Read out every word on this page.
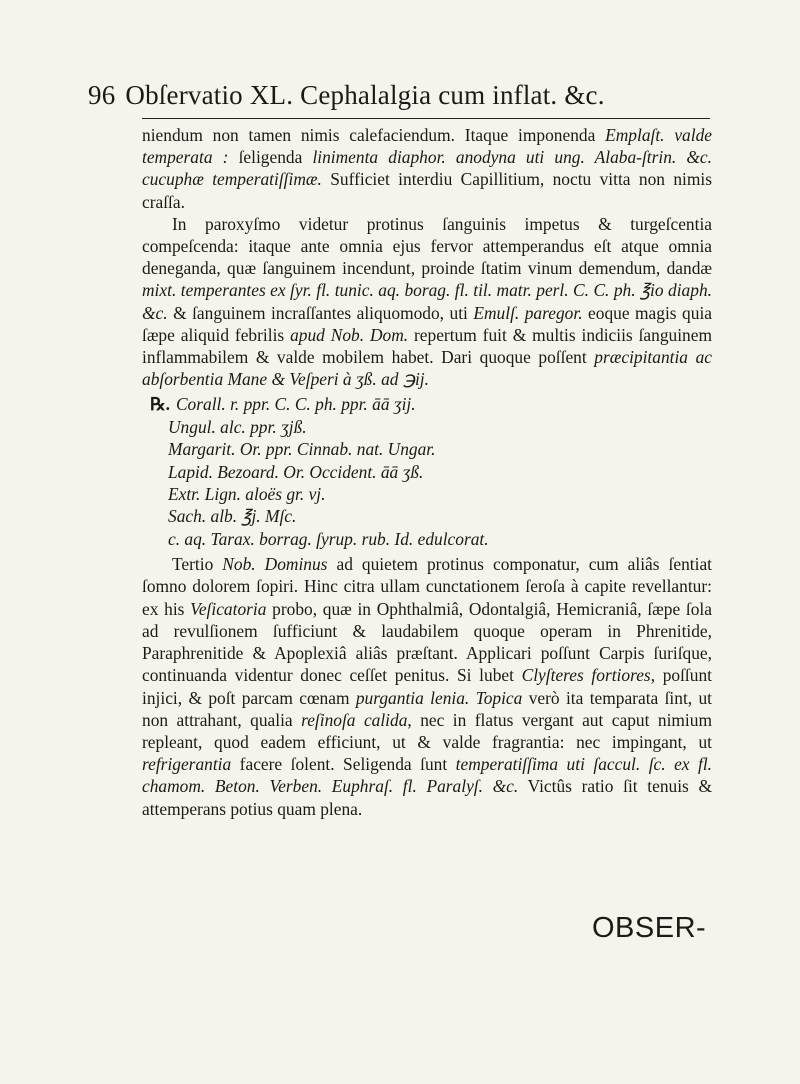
96 Obſervatio XL. Cephalalgia cum inflat. &c.

niendum non tamen nimis calefaciendum. Itaque imponenda Emplaſt. valde temperata : ſeligenda linimenta diaphor. anodyna uti ung. Alaba-ſtrin. &c. cucuphæ temperatiſſimæ. Sufficiet interdiu Capillitium, noctu vitta non nimis craſſa.

In paroxyſmo videtur protinus ſanguinis impetus & turgeſcentia compeſcenda: itaque ante omnia ejus fervor attemperandus eſt atque omnia deneganda, quæ ſanguinem incendunt, proinde ſtatim vinum demendum, dandæ mixt. temperantes ex ſyr. fl. tunic. aq. borag. fl. til. matr. perl. C. C. ph. ℥io diaph. &c. & ſanguinem incraſſantes aliquomodo, uti Emulſ. paregor. eoque magis quia ſæpe aliquid febrilis apud Nob. Dom. repertum fuit & multis indiciis ſanguinem inflammabilem & valde mobilem habet. Dari quoque poſſent præcipitantia ac abſorbentia Mane & Veſperi à ʒß. ad ℈ij.

℞. Corall. r. ppr. C. C. ph. ppr. āā ʒij.
Ungul. alc. ppr. ʒjß.
Margarit. Or. ppr. Cinnab. nat. Ungar.
Lapid. Bezoard. Or. Occident. āā ʒß.
Extr. Lign. aloës gr. vj.
Sach. alb. ℥j. Mſc.
c. aq. Tarax. borrag. ſyrup. rub. Id. edulcorat.

Tertio Nob. Dominus ad quietem protinus componatur, cum aliâs ſentiat ſomno dolorem ſopiri. Hinc citra ullam cunctationem ſeroſa à capite revellantur: ex his Veſicatoria probo, quæ in Ophthalmiâ, Odontalgiâ, Hemicraniâ, ſæpe ſola ad revulſionem ſufficiunt & laudabilem quoque operam in Phrenitide, Paraphrenitide & Apoplexiâ aliâs præſtant. Applicari poſſunt Carpis ſuriſque, continuanda videntur donec ceſſet penitus. Si lubet Clyſteres fortiores, poſſunt injici, & poſt parcam cœnam purgantia lenia. Topica verò ita temparata ſint, ut non attrahant, qualia reſinoſa calida, nec in flatus vergant aut caput nimium repleant, quod eadem efficiunt, ut & valde fragrantia: nec impingant, ut refrigerantia facere ſolent. Seligenda ſunt temperatiſſima uti ſaccul. ſc. ex fl. chamom. Beton. Verben. Euphraſ. fl. Paralyſ. &c. Victûs ratio ſit tenuis & attemperans potius quam plena.

OBSER-
